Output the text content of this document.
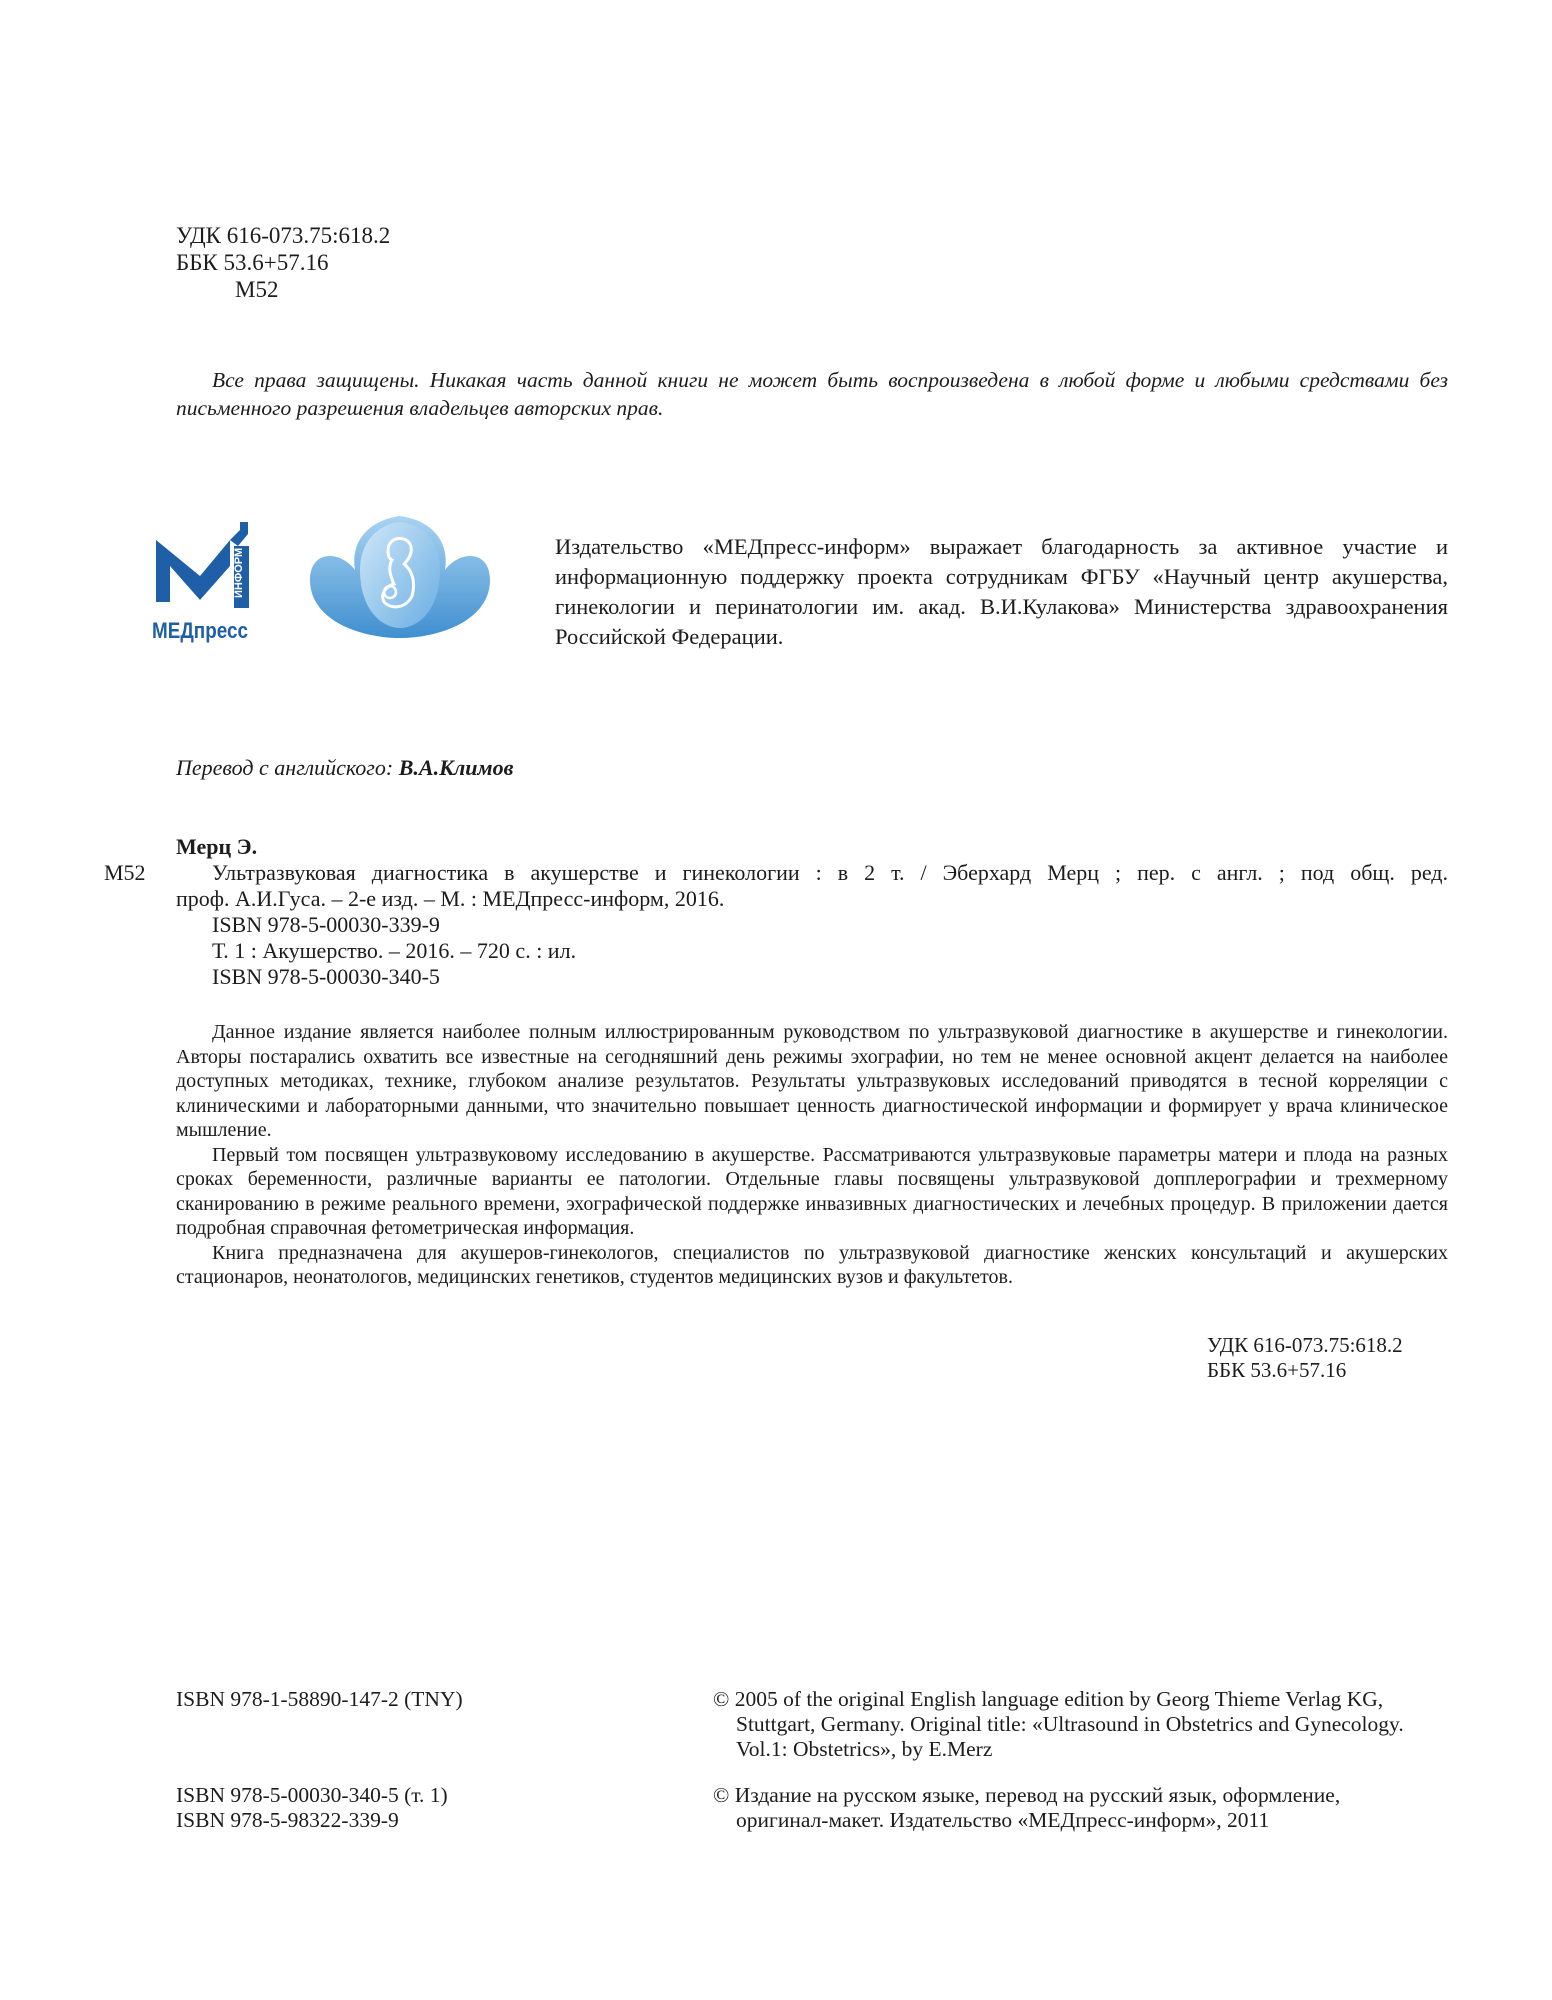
УДК 616-073.75:618.2
ББК 53.6+57.16
М52
Все права защищены. Никакая часть данной книги не может быть воспроизведена в любой форме и любыми средствами без письменного разрешения владельцев авторских прав.
ИНФОРМ
МЕДпресс
Издательство «МЕДпресс-информ» выражает благодарность за активное участие и информационную поддержку проекта сотрудникам ФГБУ «Научный центр акушерства, гинекологии и перинатологии им. акад. В.И.Кулакова» Министерства здравоохранения Российской Федерации.
Перевод с английского: В.А.Климов
М52
Мерц Э.
Ультразвуковая диагностика в акушерстве и гинекологии : в 2 т. / Эберхард Мерц ; пер. с англ. ; под общ. ред.
проф. А.И.Гуса. – 2-е изд. – М. : МЕДпресс-информ, 2016.
ISBN 978-5-00030-339-9
Т. 1 : Акушерство. – 2016. – 720 с. : ил.
ISBN 978-5-00030-340-5

Данное издание является наиболее полным иллюстрированным руководством по ультразвуковой диагностике в акушерстве и гинекологии. Авторы постарались охватить все известные на сегодняшний день режимы эхографии, но тем не менее основной акцент делается на наиболее доступных методиках, технике, глубоком анализе результатов. Результаты ультразвуковых исследований приводятся в тесной корреляции с клиническими и лабораторными данными, что значительно повышает ценность диагностической информации и формирует у врача клиническое мышление.

Первый том посвящен ультразвуковому исследованию в акушерстве. Рассматриваются ультразвуковые параметры матери и плода на разных сроках беременности, различные варианты ее патологии. Отдельные главы посвящены ультразвуковой допплерографии и трехмерному сканированию в режиме реального времени, эхографической поддержке инвазивных диагностических и лечебных процедур. В приложении дается подробная справочная фетометрическая информация.

Книга предназначена для акушеров-гинекологов, специалистов по ультразвуковой диагностике женских консультаций и акушерских стационаров, неонатологов, медицинских генетиков, студентов медицинских вузов и факультетов.

УДК 616-073.75:618.2
ББК 53.6+57.16
ISBN 978-1-58890-147-2 (TNY)	© 2005 of the original English language edition by Georg Thieme Verlag KG,
Stuttgart, Germany. Original title: «Ultrasound in Obstetrics and Gynecology.
Vol.1: Obstetrics», by E.Merz
ISBN 978-5-00030-340-5 (т. 1)
ISBN 978-5-98322-339-9
© Издание на русском языке, перевод на русский язык, оформление,
оригинал-макет. Издательство «МЕДпресс-информ», 2011
